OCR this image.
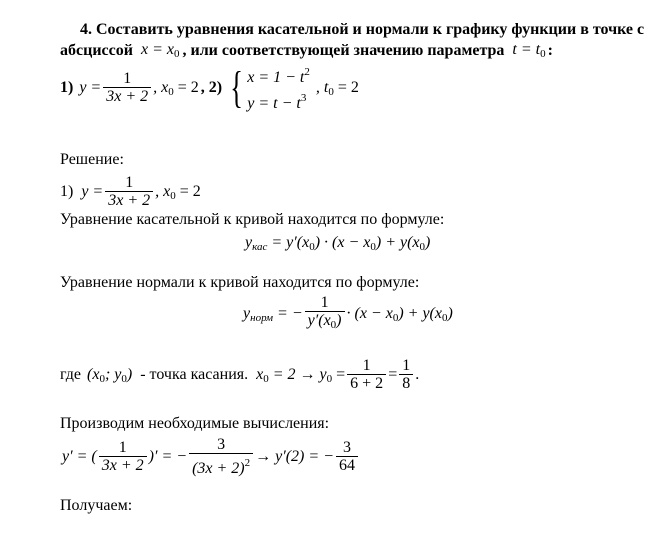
4. Составить уравнения касательной и нормали к графику функции в точке с
абсциссой $x = x_0$ , или соответствующей значению параметра $t = t_0$ :
1) $y = \frac{1}{3x + 2}$ , $x_0 = 2$ , 2) { $x = 1 - t^2$
$y = t - t^3$
, $t_0 = 2$
Решение:
1) $y = \frac{1}{3x + 2}$ , $x_0 = 2$
Уравнение касательной к кривой находится по формуле:
$y_{кас} = y'(x_0) \cdot (x - x_0) + y(x_0)$
Уравнение нормали к кривой находится по формуле:
$y_{норм}$ = − $\frac{1}{y'(x_0)} \cdot (x - x_0) + y(x_0)$
где ($x_0$; $y_0$) - точка касания. $x_0 = 2 \to y_0 = \frac{1}{6 + 2} = \frac{1}{8}$ .
Производим необходимые вычисления:
y′ = ( $\frac{1}{3x + 2}$ )′ = − $\frac{3}{(3x + 2)^2} \to y'(2)$ = − $\frac{3}{64}$
Получаем:
